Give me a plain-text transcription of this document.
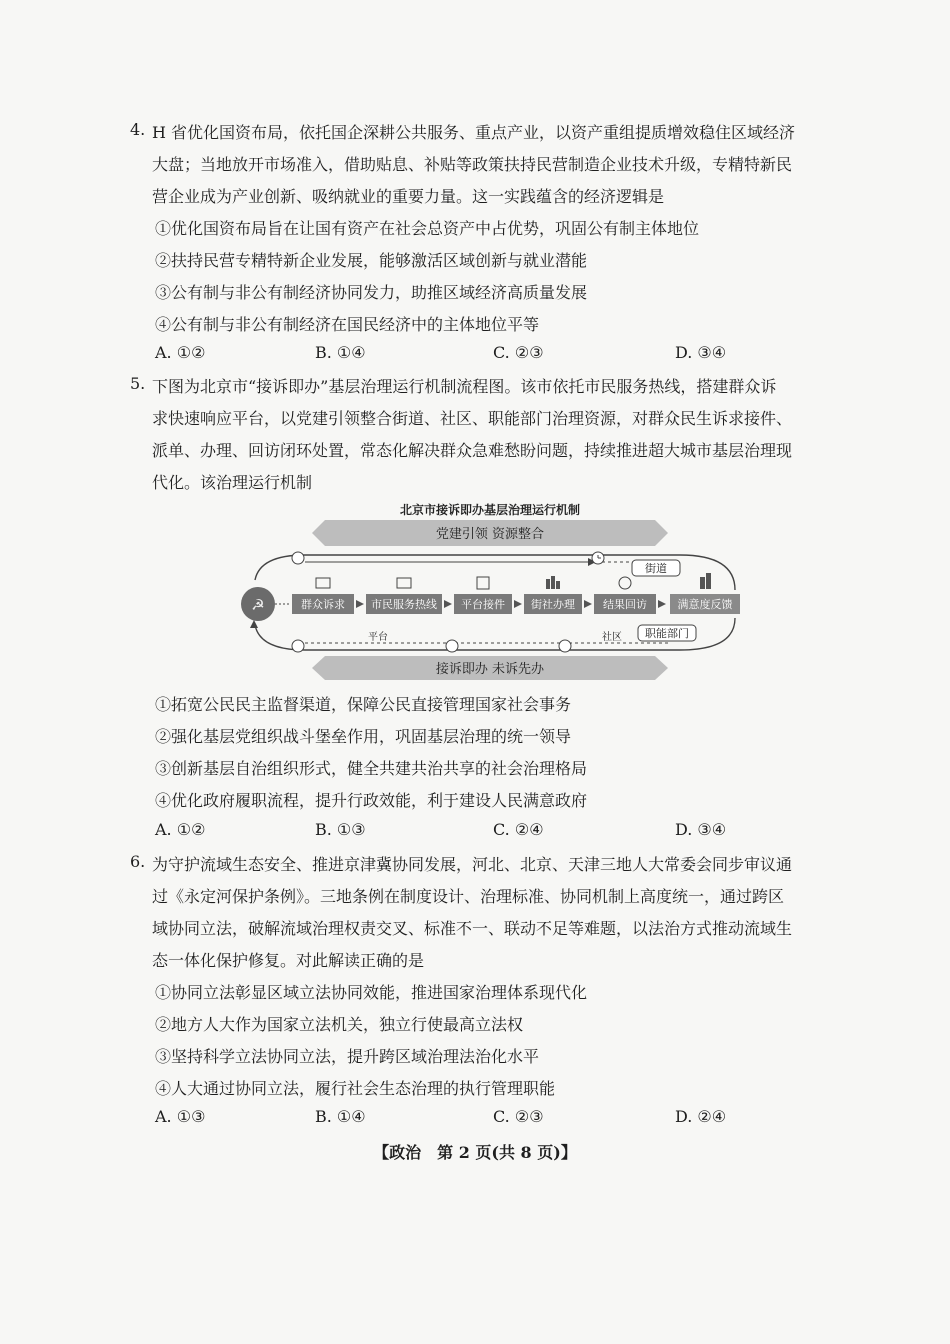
4. H 省优化国资布局，依托国企深耕公共服务、重点产业，以资产重组提质增效稳住区域经济
大盘；当地放开市场准入，借助贴息、补贴等政策扶持民营制造企业技术升级，专精特新民
营企业成为产业创新、吸纳就业的重要力量。这一实践蕴含的经济逻辑是
①优化国资布局旨在让国有资产在社会总资产中占优势，巩固公有制主体地位
②扶持民营专精特新企业发展，能够激活区域创新与就业潜能
③公有制与非公有制经济协同发力，助推区域经济高质量发展
④公有制与非公有制经济在国民经济中的主体地位平等
A. ①②	B. ①④	C. ②③	D. ③④
5. 下图为北京市“接诉即办”基层治理运行机制流程图。该市依托市民服务热线，搭建群众诉
求快速响应平台，以党建引领整合街道、社区、职能部门治理资源，对群众民生诉求接件、
派单、办理、回访闭环处置，常态化解决群众急难愁盼问题，持续推进超大城市基层治理现
代化。该治理运行机制
北京市接诉即办基层治理运行机制
党建引领 资源整合
街道
☭	群众诉求 市民服务热线 平台接件 街社办理	结果回访	满意度反馈
平台	社区 职能部门
接诉即办 未诉先办
①拓宽公民民主监督渠道，保障公民直接管理国家社会事务
②强化基层党组织战斗堡垒作用，巩固基层治理的统一领导
③创新基层自治组织形式，健全共建共治共享的社会治理格局
④优化政府履职流程，提升行政效能，利于建设人民满意政府
A. ①②	B. ①③	C. ②④	D. ③④
6. 为守护流域生态安全、推进京津冀协同发展，河北、北京、天津三地人大常委会同步审议通
过《永定河保护条例》。三地条例在制度设计、治理标准、协同机制上高度统一，通过跨区
域协同立法，破解流域治理权责交叉、标准不一、联动不足等难题，以法治方式推动流域生
态一体化保护修复。对此解读正确的是
①协同立法彰显区域立法协同效能，推进国家治理体系现代化
②地方人大作为国家立法机关，独立行使最高立法权
③坚持科学立法协同立法，提升跨区域治理法治化水平
④人大通过协同立法，履行社会生态治理的执行管理职能
A. ①③	B. ①④	C. ②③	D. ②④
【政治　第 2 页(共 8 页)】
